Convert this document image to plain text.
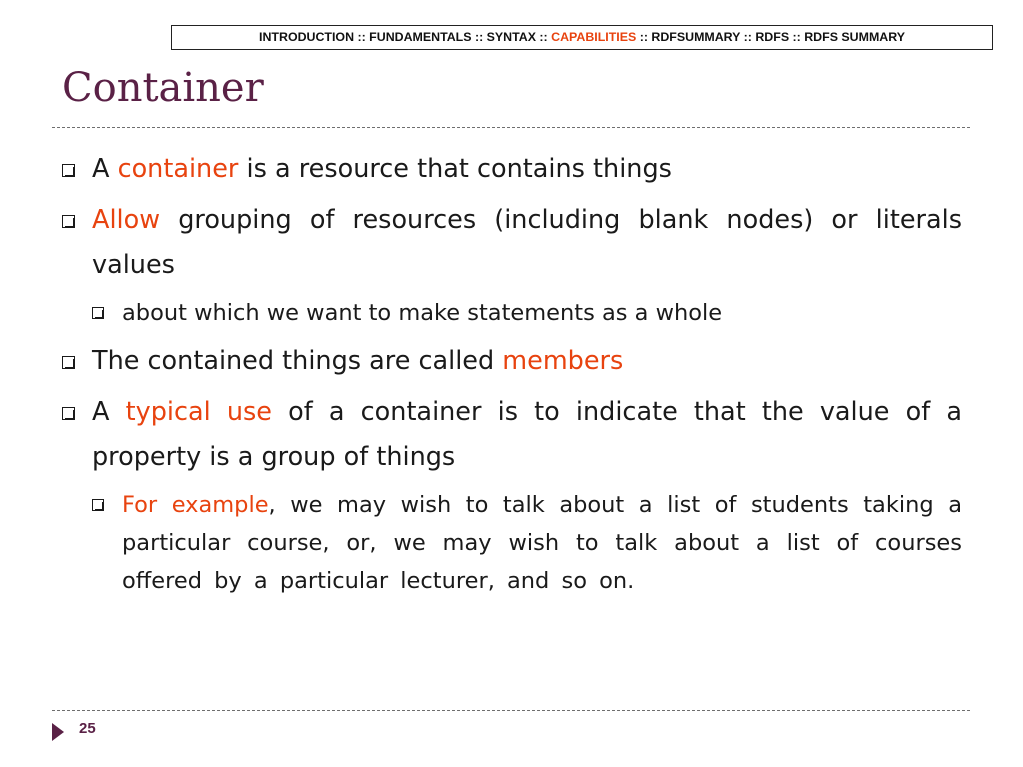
INTRODUCTION :: FUNDAMENTALS :: SYNTAX :: CAPABILITIES :: RDFSUMMARY :: RDFS :: RDFS SUMMARY
Container
A container is a resource that contains things
Allow grouping of resources (including blank nodes) or literals values
about which we want to make statements as a whole
The contained things are called members
A typical use of a container is to indicate that the value of a property is a group of things
For example, we may wish to talk about a list of students taking a particular course, or, we may wish to talk about a list of courses offered by a particular lecturer, and so on.
25
